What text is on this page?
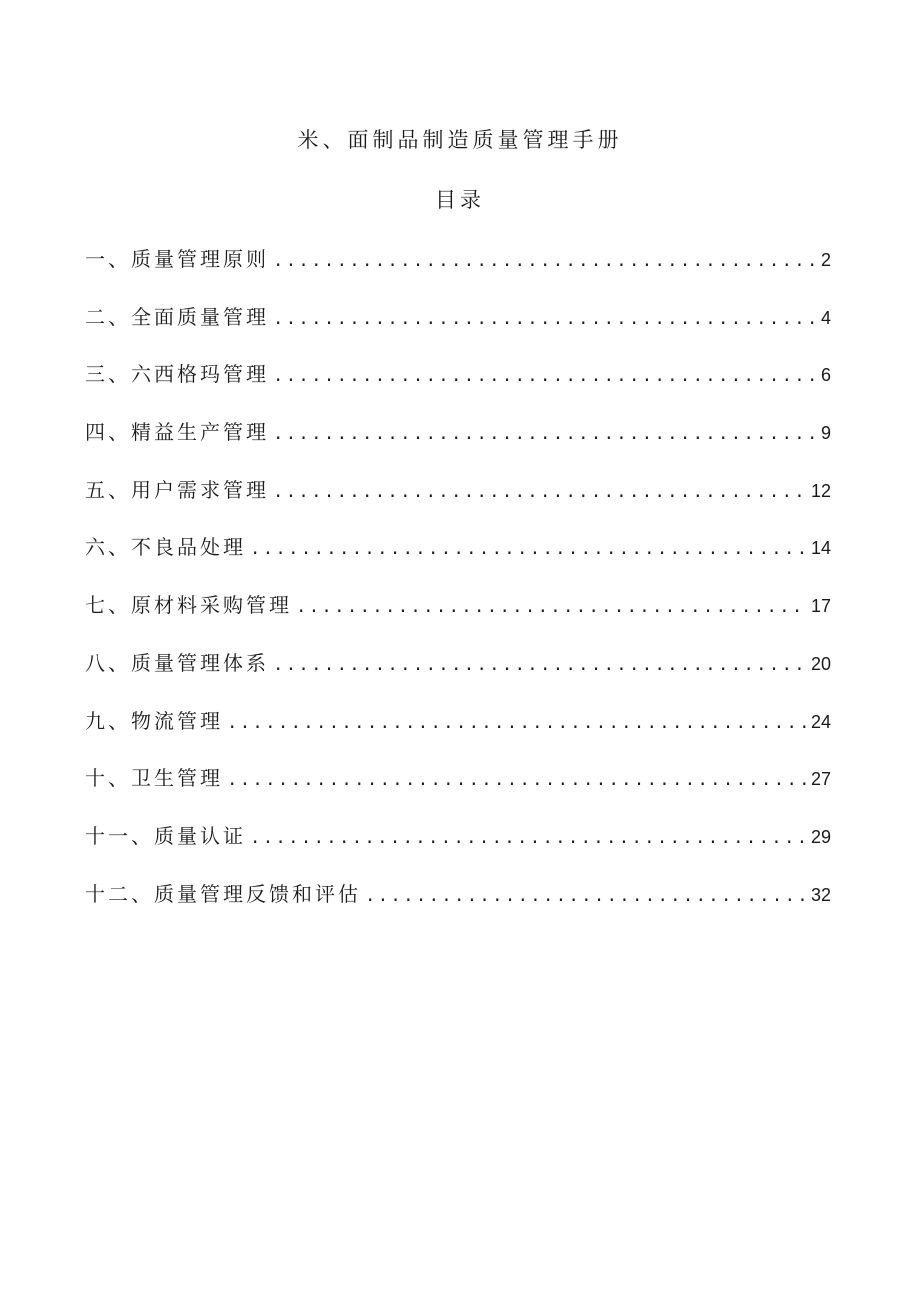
米、面制品制造质量管理手册
目录
一、质量管理原则 . . .	2
二、全面质量管理 . . .	4
三、六西格玛管理 . . .	6
四、精益生产管理 . . .	9
五、用户需求管理 . . .	12
六、不良品处理 . . .	14
七、原材料采购管理 . . .	17
八、质量管理体系 . . .	20
九、物流管理 . . .	24
十、卫生管理 . . .	27
十一、质量认证 . . .	29
十二、质量管理反馈和评估 . . .	32
